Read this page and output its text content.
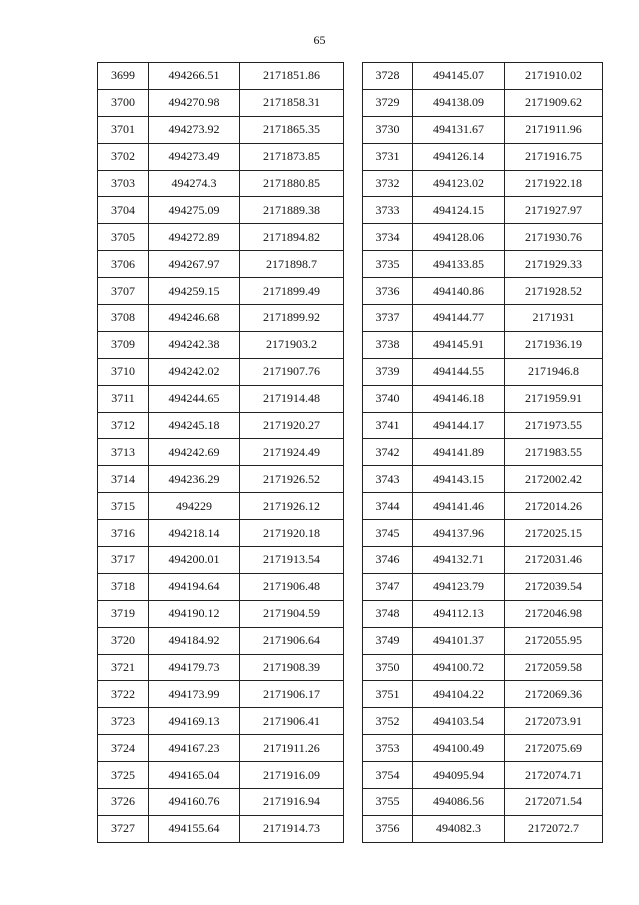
65
3699	494266.51	2171851.86
3700	494270.98	2171858.31
3701	494273.92	2171865.35
3702	494273.49	2171873.85
3703	494274.3	2171880.85
3704	494275.09	2171889.38
3705	494272.89	2171894.82
3706	494267.97	2171898.7
3707	494259.15	2171899.49
3708	494246.68	2171899.92
3709	494242.38	2171903.2
3710	494242.02	2171907.76
3711	494244.65	2171914.48
3712	494245.18	2171920.27
3713	494242.69	2171924.49
3714	494236.29	2171926.52
3715	494229	2171926.12
3716	494218.14	2171920.18
3717	494200.01	2171913.54
3718	494194.64	2171906.48
3719	494190.12	2171904.59
3720	494184.92	2171906.64
3721	494179.73	2171908.39
3722	494173.99	2171906.17
3723	494169.13	2171906.41
3724	494167.23	2171911.26
3725	494165.04	2171916.09
3726	494160.76	2171916.94
3727	494155.64	2171914.73
3728	494145.07	2171910.02
3729	494138.09	2171909.62
3730	494131.67	2171911.96
3731	494126.14	2171916.75
3732	494123.02	2171922.18
3733	494124.15	2171927.97
3734	494128.06	2171930.76
3735	494133.85	2171929.33
3736	494140.86	2171928.52
3737	494144.77	2171931
3738	494145.91	2171936.19
3739	494144.55	2171946.8
3740	494146.18	2171959.91
3741	494144.17	2171973.55
3742	494141.89	2171983.55
3743	494143.15	2172002.42
3744	494141.46	2172014.26
3745	494137.96	2172025.15
3746	494132.71	2172031.46
3747	494123.79	2172039.54
3748	494112.13	2172046.98
3749	494101.37	2172055.95
3750	494100.72	2172059.58
3751	494104.22	2172069.36
3752	494103.54	2172073.91
3753	494100.49	2172075.69
3754	494095.94	2172074.71
3755	494086.56	2172071.54
3756	494082.3	2172072.7
